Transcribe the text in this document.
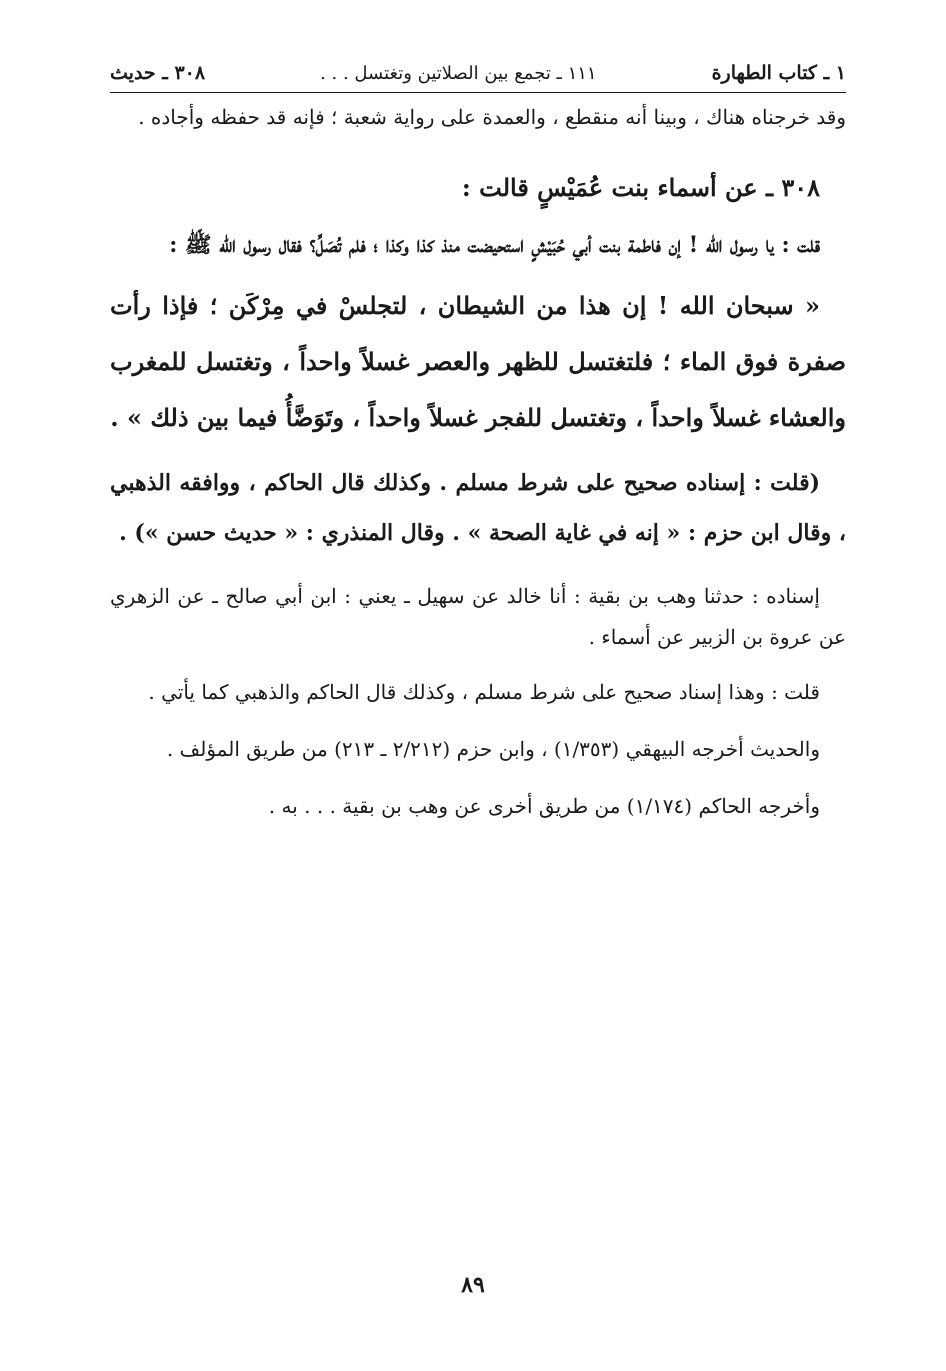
١ ـ كتاب الطهارة
١١١ ـ تجمع بين الصلاتين وتغتسل . . .
٣٠٨ ـ حديث

وقد خرجناه هناك ، وبينا أنه منقطع ، والعمدة على رواية شعبة ؛ فإنه قد حفظه وأجاده .

٣٠٨ ـ عن أسماء بنت عُمَيْسٍ قالت :

قلت : يا رسول الله ! إن فاطمة بنت أبي حُبَيْشٍ استحيضت منذ كذا وكذا ؛ فلم تُصَلِّ؟ فقال رسول الله ﷺ :

« سبحان الله ! إن هذا من الشيطان ، لتجلسْ في مِرْكَن ؛ فإذا رأت صفرة فوق الماء ؛ فلتغتسل للظهر والعصر غسلاً واحداً ، وتغتسل للمغرب والعشاء غسلاً واحداً ، وتغتسل للفجر غسلاً واحداً ، وتَوَضَّأُ فيما بين ذلك » .

(قلت : إسناده صحيح على شرط مسلم . وكذلك قال الحاكم ، ووافقه الذهبي ، وقال ابن حزم : « إنه في غاية الصحة » . وقال المنذري : « حديث حسن ») .

إسناده : حدثنا وهب بن بقية : أنا خالد عن سهيل ـ يعني : ابن أبي صالح ـ عن الزهري عن عروة بن الزبير عن أسماء .

قلت : وهذا إسناد صحيح على شرط مسلم ، وكذلك قال الحاكم والذهبي كما يأتي .

والحديث أخرجه البيهقي (١/٣٥٣) ، وابن حزم (٢/٢١٢ ـ ٢١٣) من طريق المؤلف .

وأخرجه الحاكم (١/١٧٤) من طريق أخرى عن وهب بن بقية . . . به .

٨٩
